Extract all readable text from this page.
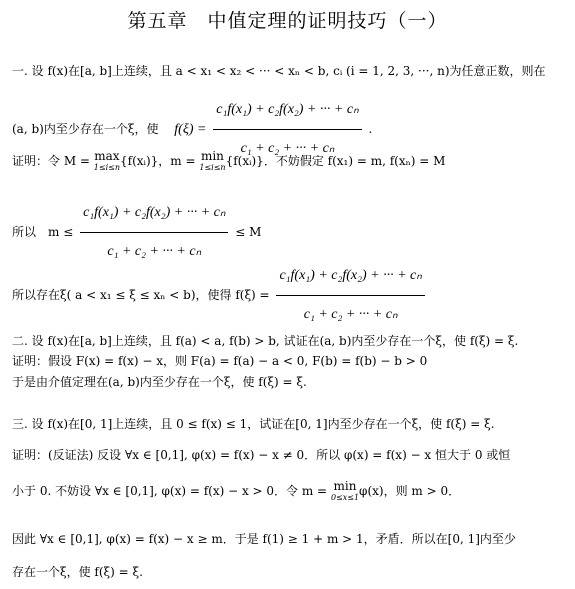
第五章　中值定理的证明技巧（一）
一. 设 f(x)在[a, b]上连续，且 a < x₁ < x₂ < ··· < xₙ < b, cᵢ (i = 1, 2, 3, ···, n)为任意正数，则在
(a, b)内至少存在一个ξ，使 $f(\xi) = \frac{\text{c₁f(x₁) + c₂f(x₂) + ··· + cₙ}}{\text{c₁ + c₂ + ··· + cₙ}}$ .
证明：令 M = max
1≤i≤n {f(xᵢ)}，m = min
1≤i≤n {f(xᵢ)}．不妨假定 f(x₁) = m, f(xₙ) = M
所以　$m \le \frac{\text{c₁f(x₁) + c₂f(x₂) + ··· + cₙ}}{\text{c₁ + c₂ + ··· + cₙ}} \le M$
所以存在ξ( a < x₁ ≤ ξ ≤ xₙ < b)，使得 $f(\xi) = \frac{\text{c₁f(x₁) + c₂f(x₂) + ··· + cₙ}}{\text{c₁ + c₂ + ··· + cₙ}}$
二. 设 f(x)在[a, b]上连续，且 f(a) < a, f(b) > b, 试证在(a, b)内至少存在一个ξ，使 f(ξ) = ξ.
证明：假设 F(x) = f(x) − x，则 F(a) = f(a) − a < 0, F(b) = f(b) − b > 0
于是由介值定理在(a, b)内至少存在一个ξ，使 f(ξ) = ξ.
三. 设 f(x)在[0, 1]上连续，且 0 ≤ f(x) ≤ 1，试证在[0, 1]内至少存在一个ξ，使 f(ξ) = ξ.
证明：(反证法) 反设 ∀x ∈ [0,1], φ(x) = f(x) − x ≠ 0．所以 φ(x) = f(x) − x 恒大于 0 或恒
小于 0. 不妨设 ∀x ∈ [0,1], φ(x) = f(x) − x > 0．令 m = min
0≤x≤1 φ(x)，则 m > 0．
因此 ∀x ∈ [0,1], φ(x) = f(x) − x ≥ m．于是 f(1) ≥ 1 + m > 1，矛盾．所以在[0, 1]内至少
存在一个ξ，使 f(ξ) = ξ.
